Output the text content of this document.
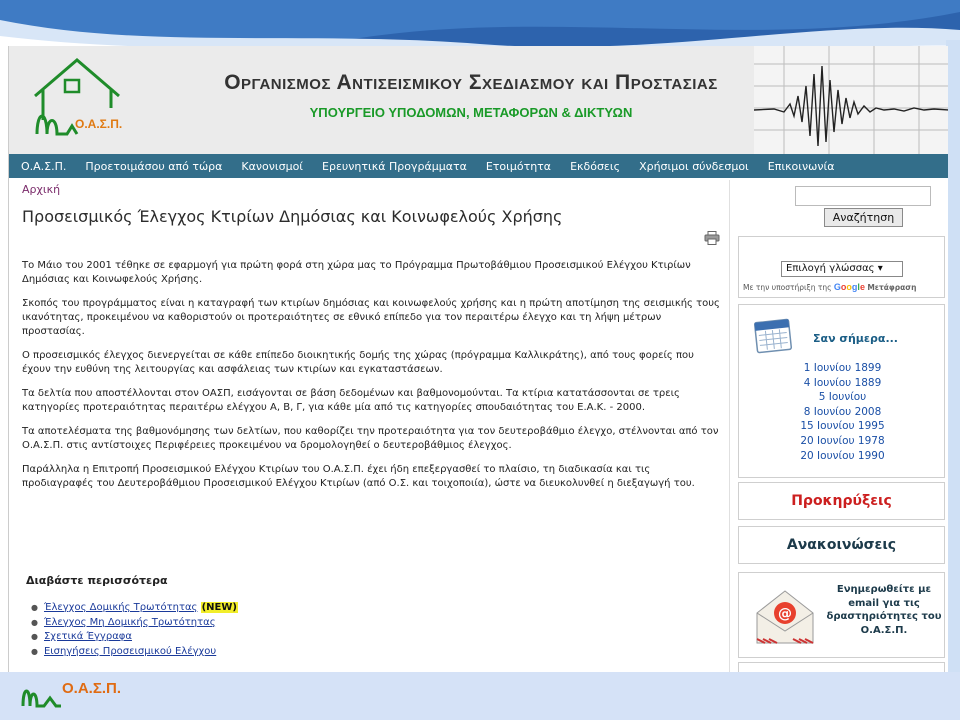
Ο.Α.Σ.Π.
Ο.Α.Σ.Π.
Οργανισμος Αντισεισμικου Σχεδιασμου και Προστασιας
ΥΠΟΥΡΓΕΙΟ ΥΠΟΔΟΜΩΝ, ΜΕΤΑΦΟΡΩΝ & ΔΙΚΤΥΩΝ
Ο.Α.Σ.Π. Προετοιμάσου από τώρα Κανονισμοί Ερευνητικά Προγράμματα Ετοιμότητα Εκδόσεις Χρήσιμοι σύνδεσμοι Επικοινωνία
Αρχική
Προσεισμικός Έλεγχος Κτιρίων Δημόσιας και Κοινωφελούς Χρήσης

Το Μάιο του 2001 τέθηκε σε εφαρμογή για πρώτη φορά στη χώρα μας το Πρόγραμμα Πρωτοβάθμιου Προσεισμικού Ελέγχου Κτιρίων Δημόσιας και Κοινωφελούς Χρήσης.

Σκοπός του προγράμματος είναι η καταγραφή των κτιρίων δημόσιας και κοινωφελούς χρήσης και η πρώτη αποτίμηση της σεισμικής τους ικανότητας, προκειμένου να καθοριστούν οι προτεραιότητες σε εθνικό επίπεδο για τον περαιτέρω έλεγχο και τη λήψη μέτρων προστασίας.

Ο προσεισμικός έλεγχος διενεργείται σε κάθε επίπεδο διοικητικής δομής της χώρας (πρόγραμμα Καλλικράτης), από τους φορείς που έχουν την ευθύνη της λειτουργίας και ασφάλειας των κτιρίων και εγκαταστάσεων.

Τα δελτία που αποστέλλονται στον ΟΑΣΠ, εισάγονται σε βάση δεδομένων και βαθμονομούνται. Τα κτίρια κατατάσσονται σε τρεις κατηγορίες προτεραιότητας περαιτέρω ελέγχου Α, Β, Γ, για κάθε μία από τις κατηγορίες σπουδαιότητας του Ε.Α.Κ. - 2000.

Τα αποτελέσματα της βαθμονόμησης των δελτίων, που καθορίζει την προτεραιότητα για τον δευτεροβάθμιο έλεγχο, στέλνονται από τον Ο.Α.Σ.Π. στις αντίστοιχες Περιφέρειες προκειμένου να δρομολογηθεί ο δευτεροβάθμιος έλεγχος.

Παράλληλα η Επιτροπή Προσεισμικού Ελέγχου Κτιρίων του Ο.Α.Σ.Π. έχει ήδη επεξεργασθεί το πλαίσιο, τη διαδικασία και τις προδιαγραφές του Δευτεροβάθμιου Προσεισμικού Ελέγχου Κτιρίων (από Ο.Σ. και τοιχοποιία), ώστε να διευκολυνθεί η διεξαγωγή του.

Διαβάστε περισσότερα
● Έλεγχος Δομικής Τρωτότητας (NEW)
● Έλεγχος Μη Δομικής Τρωτότητας
● Σχετικά Έγγραφα
● Εισηγήσεις Προσεισμικού Ελέγχου
Αναζήτηση
Επιλογή γλώσσας ▾
Με την υποστήριξη της Google Μετάφραση
Σαν σήμερα...
1 Ιουνίου 1899
4 Ιουνίου 1889
5 Ιουνίου
8 Ιουνίου 2008
15 Ιουνίου 1995
20 Ιουνίου 1978
20 Ιουνίου 1990
Προκηρύξεις
Ανακοινώσεις
@
Ενημερωθείτε με email για τις δραστηριότητες του Ο.Α.Σ.Π.
